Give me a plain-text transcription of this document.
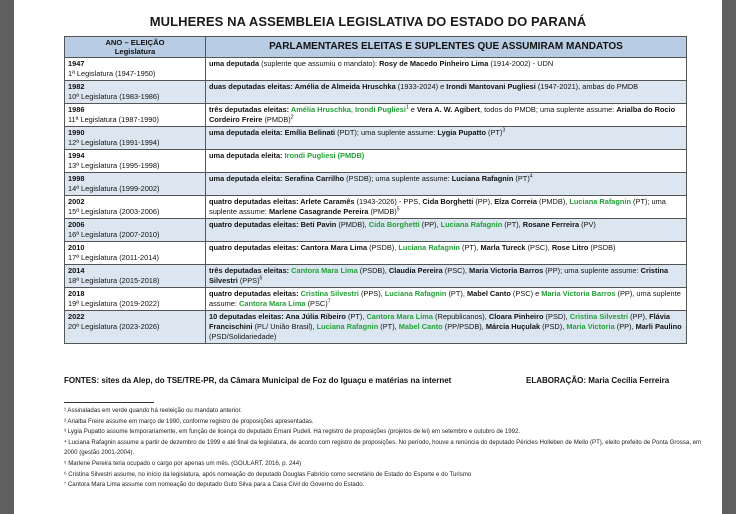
MULHERES NA ASSEMBLEIA LEGISLATIVA DO ESTADO DO PARANÁ
ANO – ELEIÇÃO
Legislatura	PARLAMENTARES ELEITAS E SUPLENTES QUE ASSUMIRAM MANDATOS

1947
1ª Legislatura (1947-1950)	uma deputada (suplente que assumiu o mandato): Rosy de Macedo Pinheiro Lima (1914-2002) - UDN

1982
10ª Legislatura (1983-1986)	duas deputadas eleitas: Amélia de Almeida Hruschka (1933-2024) e Irondi Mantovani Pugliesi (1947-2021), ambas do PMDB

1986
11ª Legislatura (1987-1990)	três deputadas eleitas: Amélia Hruschka, Irondi Pugliesi$^1$ e Vera A. W. Agibert, todos do PMDB; uma suplente assume: Arialba do Rocio Cordeiro Freire (PMDB)$^2$

1990
12ª Legislatura (1991-1994)	uma deputada eleita: Emília Belinati (PDT); uma suplente assume: Lygia Pupatto (PT)$^3$

1994
13ª Legislatura (1995-1998)	uma deputada eleita: Irondi Pugliesi (PMDB)

1998
14ª Legislatura (1999-2002)	uma deputada eleita: Serafina Carrilho (PSDB); uma suplente assume: Luciana Rafagnin (PT)$^4$

2002
15ª Legislatura (2003-2006)	quatro deputadas eleitas: Arlete Caramês (1943-2026) - PPS, Cida Borghetti (PP), Elza Correia (PMDB), Luciana Rafagnin (PT); uma suplente assume: Marlene Casagrande Pereira (PMDB)$^5$

2006
16ª Legislatura (2007-2010)	quatro deputadas eleitas: Beti Pavin (PMDB), Cida Borghetti (PP), Luciana Rafagnin (PT), Rosane Ferreira (PV)

2010
17ª Legislatura (2011-2014)	quatro deputadas eleitas: Cantora Mara Lima (PSDB), Luciana Rafagnin (PT), Marla Tureck (PSC), Rose Litro (PSDB)

2014
18ª Legislatura (2015-2018)	três deputadas eleitas: Cantora Mara Lima (PSDB), Claudia Pereira (PSC), Maria Victoria Barros (PP); uma suplente assume: Cristina Silvestri (PPS)$^6$

2018
19ª Legislatura (2019-2022)	quatro deputadas eleitas: Cristina Silvestri (PPS), Luciana Rafagnin (PT), Mabel Canto (PSC) e Maria Victoria Barros (PP), uma suplente assume: Cantora Mara Lima (PSC)$^7$

2022
20ª Legislatura (2023-2026)	10 deputadas eleitas: Ana Júlia Ribeiro (PT), Cantora Mara Lima (Republicanos), Cloara Pinheiro (PSD), Cristina Silvestri (PP), Flávia Francischini (PL/ União Brasil), Luciana Rafagnin (PT), Mabel Canto (PP/PSDB), Márcia Huçulak (PSD), Maria Victoria (PP), Marli Paulino (PSD/Solidariedade)
FONTES: sites da Alep, do TSE/TRE-PR, da Câmara Municipal de Foz do Iguaçu e matérias na internet	ELABORAÇÃO: Maria Cecília Ferreira

¹ Assinaladas em verde quando há reeleição ou mandato anterior.

² Arialba Freire assume em março de 1990, conforme registro de proposições apresentadas.

³ Lygia Pupatto assume temporariamente, em função de licença do deputado Ernani Pudell. Há registro de proposições (projetos de lei) em setembro e outubro de 1992.

⁴ Luciana Rafagnin assume a partir de dezembro de 1999 e até final da legislatura, de acordo com registro de proposições. No período, houve a renúncia do deputado Péricles Holleben de Mello (PT), eleito prefeito de Ponta Grossa, em 2000 (gestão 2001-2004).

⁵ Marlene Pereira teria ocupado o cargo por apenas um mês. (GOULART, 2016, p. 244)

⁶ Cristina Silvestri assume, no início da legislatura, após nomeação do deputado Douglas Fabrício como secretário de Estado do Esporte e do Turismo

⁷ Cantora Mara Lima assume com nomeação do deputado Guto Silva para a Casa Civil do Governo do Estado.
